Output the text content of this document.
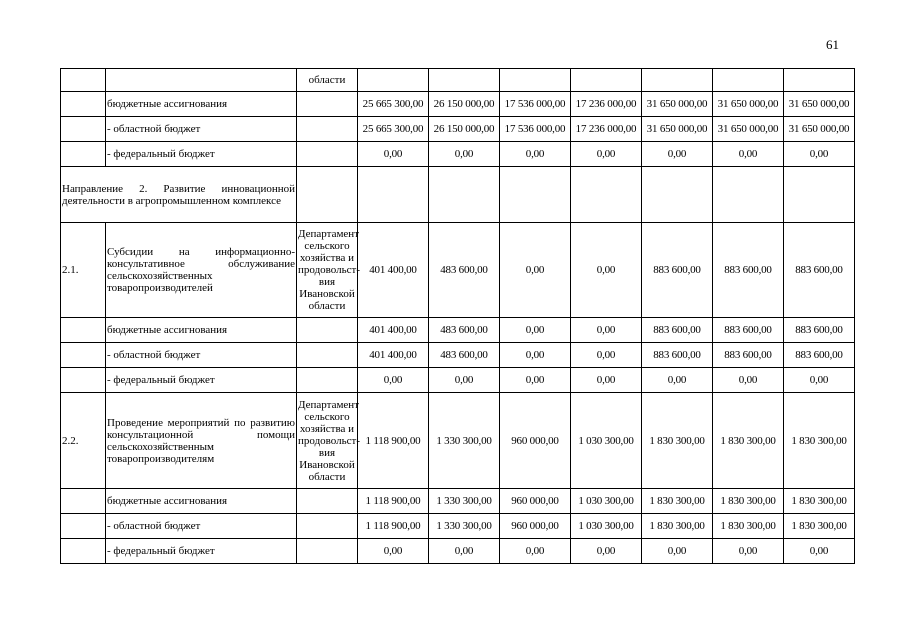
61
		области							
	бюджетные ассигнования		25 665 300,00	26 150 000,00	17 536 000,00	17 236 000,00	31 650 000,00	31 650 000,00	31 650 000,00
	- областной бюджет		25 665 300,00	26 150 000,00	17 536 000,00	17 236 000,00	31 650 000,00	31 650 000,00	31 650 000,00
	- федеральный бюджет		0,00	0,00	0,00	0,00	0,00	0,00	0,00
Направление 2. Развитие инновационной деятельности в агропромышленном комплексе									
2.1.	Субсидии на информационно-консультативное обслуживание сельскохозяйственных товаропроизводителей	Департамент сельского хозяйства и продовольст-вия Ивановской области	401 400,00	483 600,00	0,00	0,00	883 600,00	883 600,00	883 600,00
	бюджетные ассигнования		401 400,00	483 600,00	0,00	0,00	883 600,00	883 600,00	883 600,00
	- областной бюджет		401 400,00	483 600,00	0,00	0,00	883 600,00	883 600,00	883 600,00
	- федеральный бюджет		0,00	0,00	0,00	0,00	0,00	0,00	0,00
2.2.	Проведение мероприятий по развитию консультационной помощи сельскохозяйственным товаропроизводителям	Департамент сельского хозяйства и продовольст-вия Ивановской области	1 118 900,00	1 330 300,00	960 000,00	1 030 300,00	1 830 300,00	1 830 300,00	1 830 300,00
	бюджетные ассигнования		1 118 900,00	1 330 300,00	960 000,00	1 030 300,00	1 830 300,00	1 830 300,00	1 830 300,00
	- областной бюджет		1 118 900,00	1 330 300,00	960 000,00	1 030 300,00	1 830 300,00	1 830 300,00	1 830 300,00
	- федеральный бюджет		0,00	0,00	0,00	0,00	0,00	0,00	0,00
